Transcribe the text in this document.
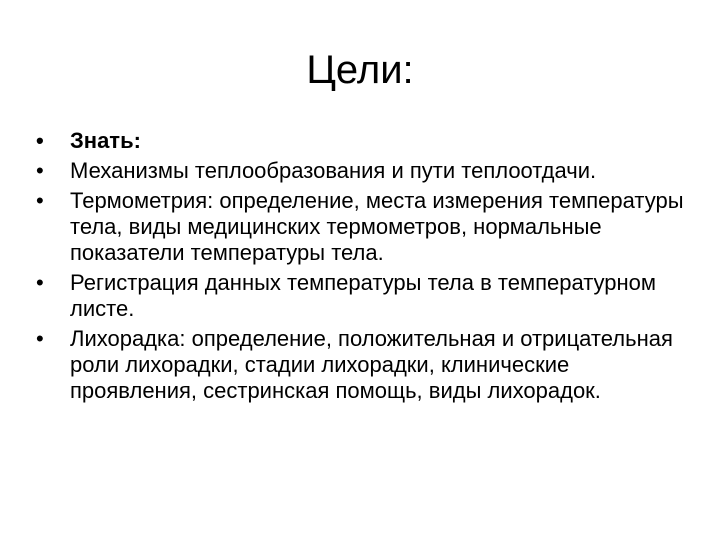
Цели:
• Знать:
• Механизмы теплообразования и пути теплоотдачи.
• Термометрия: определение, места измерения температуры тела, виды медицинских термометров, нормальные показатели температуры тела.
• Регистрация данных температуры тела в температурном листе.
• Лихорадка: определение, положительная и отрицательная роли лихорадки, стадии лихорадки, клинические проявления, сестринская помощь, виды лихорадок.
